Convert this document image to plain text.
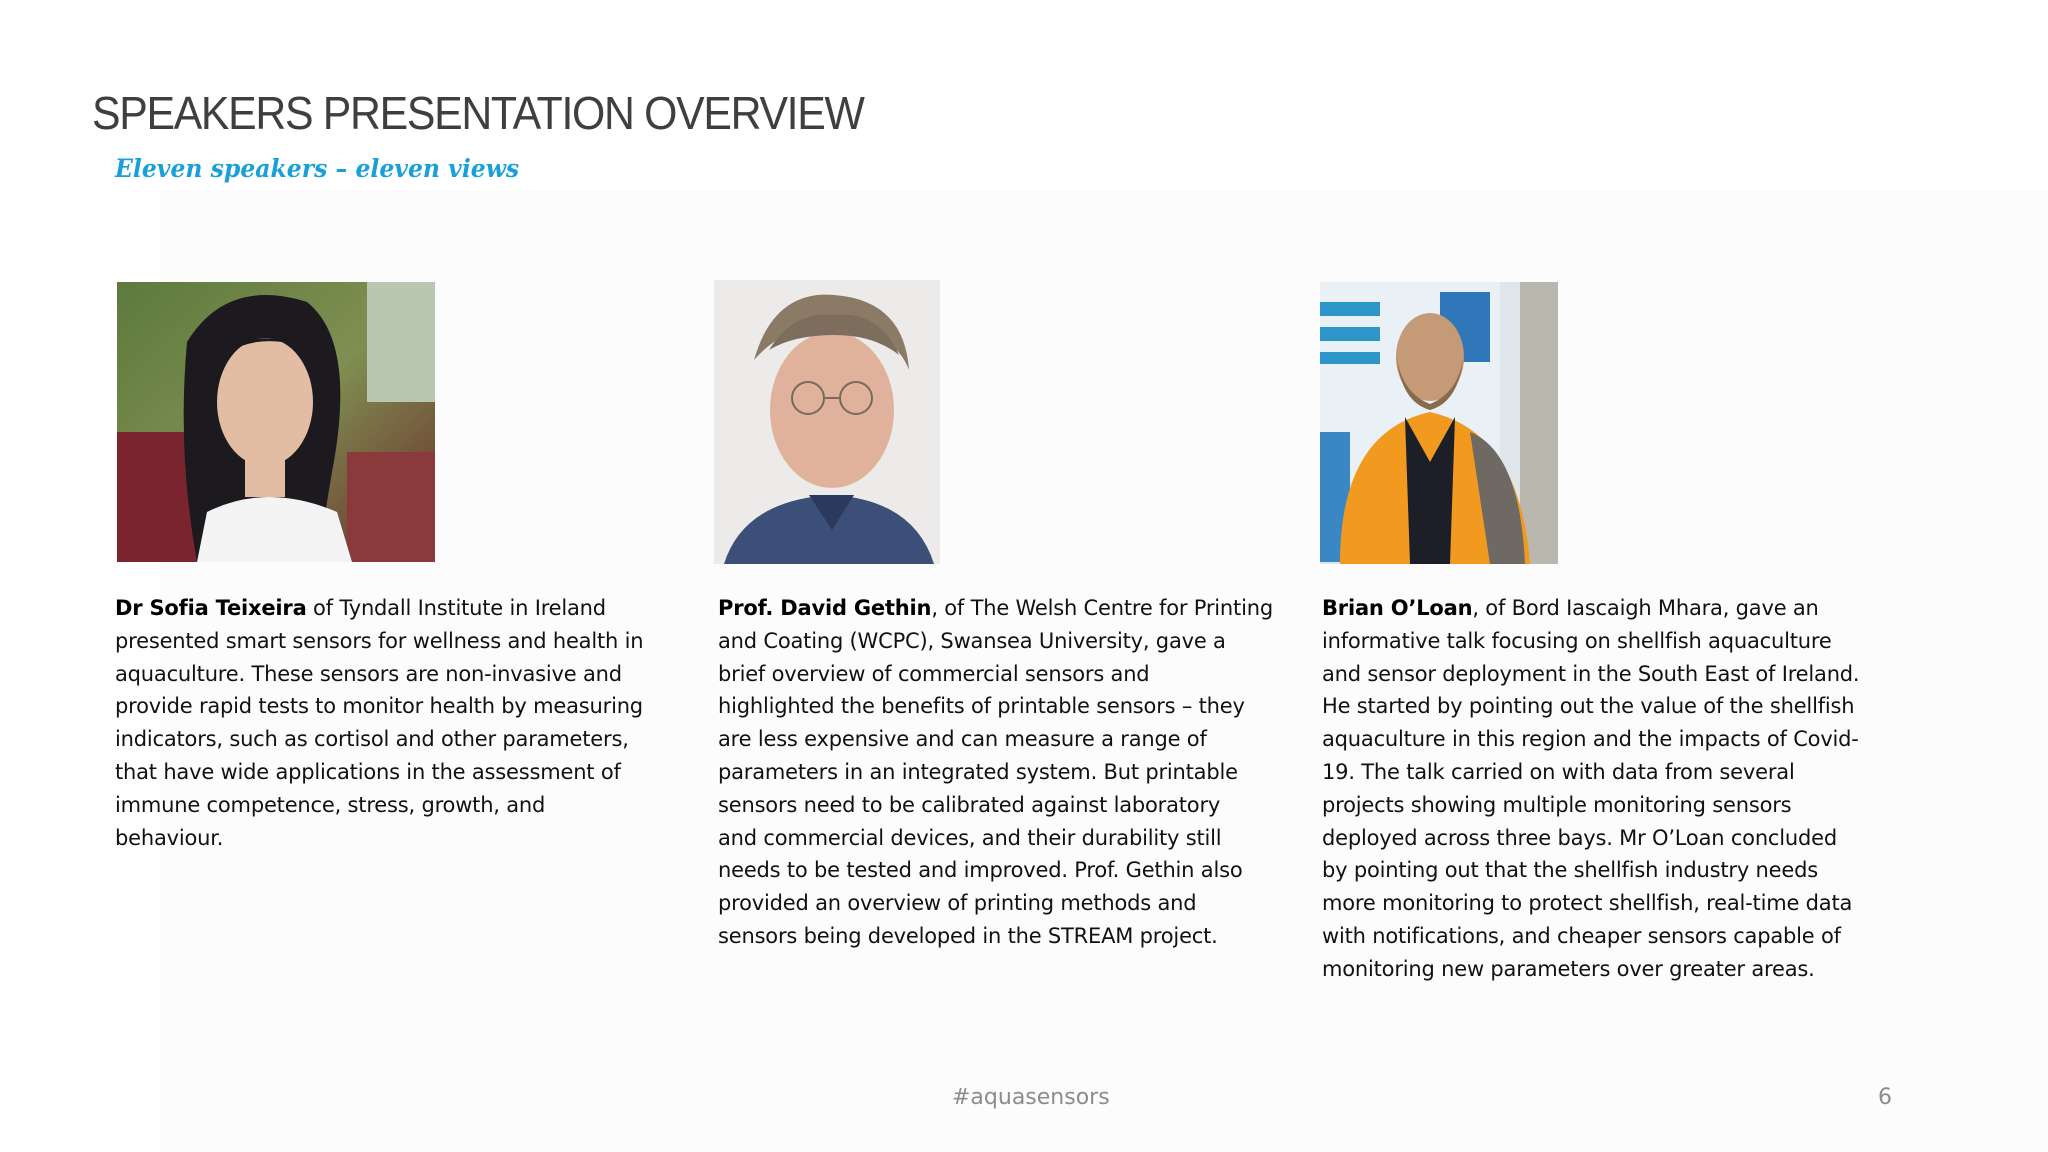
SPEAKERS PRESENTATION OVERVIEW
Eleven speakers – eleven views
Dr Sofia Teixeira of Tyndall Institute in Ireland
presented smart sensors for wellness and health in
aquaculture. These sensors are non-invasive and
provide rapid tests to monitor health by measuring
indicators, such as cortisol and other parameters,
that have wide applications in the assessment of
immune competence, stress, growth, and
behaviour.
Prof. David Gethin, of The Welsh Centre for Printing
and Coating (WCPC), Swansea University, gave a
brief overview of commercial sensors and
highlighted the benefits of printable sensors – they
are less expensive and can measure a range of
parameters in an integrated system. But printable
sensors need to be calibrated against laboratory
and commercial devices, and their durability still
needs to be tested and improved. Prof. Gethin also
provided an overview of printing methods and
sensors being developed in the STREAM project.
Brian O’Loan, of Bord Iascaigh Mhara, gave an
informative talk focusing on shellfish aquaculture
and sensor deployment in the South East of Ireland.
He started by pointing out the value of the shellfish
aquaculture in this region and the impacts of Covid-
19. The talk carried on with data from several
projects showing multiple monitoring sensors
deployed across three bays. Mr O’Loan concluded
by pointing out that the shellfish industry needs
more monitoring to protect shellfish, real-time data
with notifications, and cheaper sensors capable of
monitoring new parameters over greater areas.
#aquasensors	6
